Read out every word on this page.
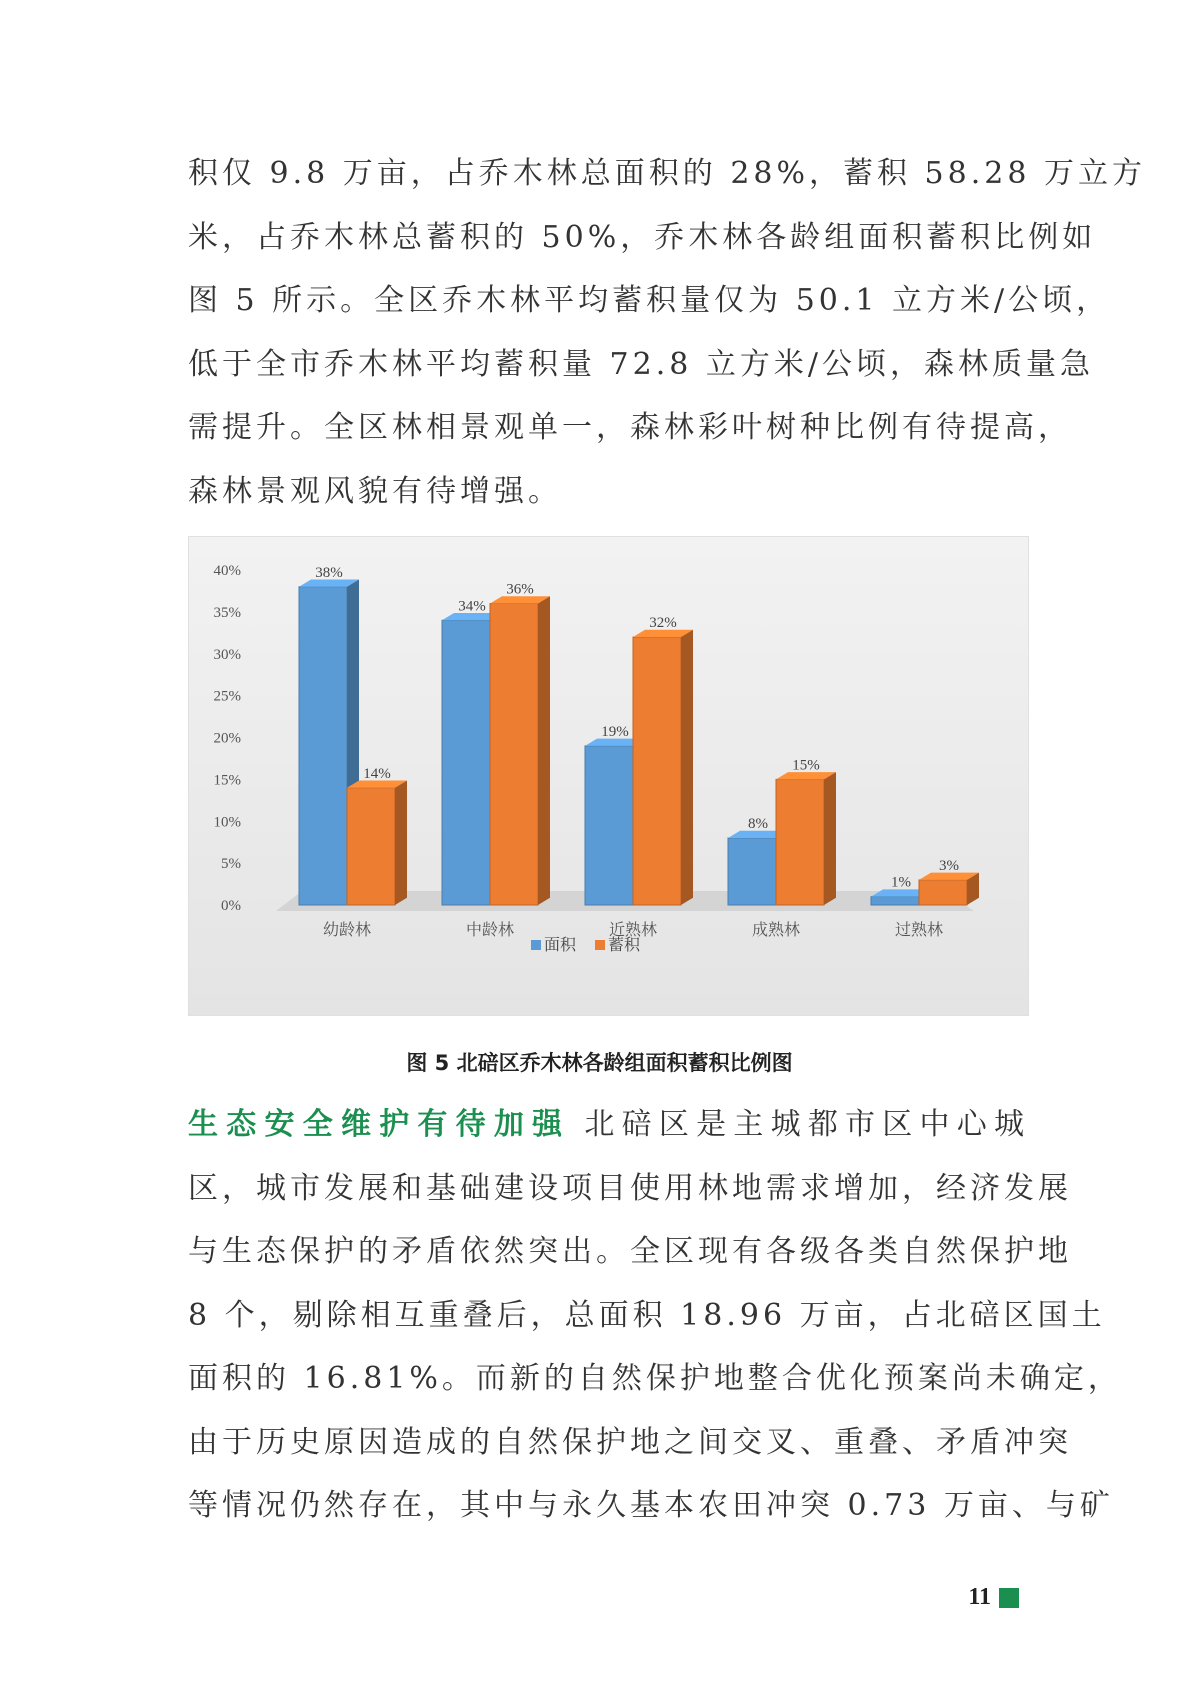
积仅 9.8 万亩，占乔木林总面积的 28%，蓄积 58.28 万立方
米，占乔木林总蓄积的 50%，乔木林各龄组面积蓄积比例如
图 5 所示。全区乔木林平均蓄积量仅为 50.1 立方米/公顷，
低于全市乔木林平均蓄积量 72.8 立方米/公顷，森林质量急
需提升。全区林相景观单一，森林彩叶树种比例有待提高，
森林景观风貌有待增强。
0%
5%
10%
15%
20%
25%
30%
35%
40%	38%
14%
幼龄林
34%
36%
中龄林
19%
32%
近熟林
8%
15%
成熟林
1%
3%
过熟林
面积 蓄积
图 5 北碚区乔木林各龄组面积蓄积比例图
生态安全维护有待加强 北碚区是主城都市区中心城
区，城市发展和基础建设项目使用林地需求增加，经济发展
与生态保护的矛盾依然突出。全区现有各级各类自然保护地
8 个，剔除相互重叠后，总面积 18.96 万亩，占北碚区国土
面积的 16.81%。而新的自然保护地整合优化预案尚未确定，
由于历史原因造成的自然保护地之间交叉、重叠、矛盾冲突
等情况仍然存在，其中与永久基本农田冲突 0.73 万亩、与矿
11
